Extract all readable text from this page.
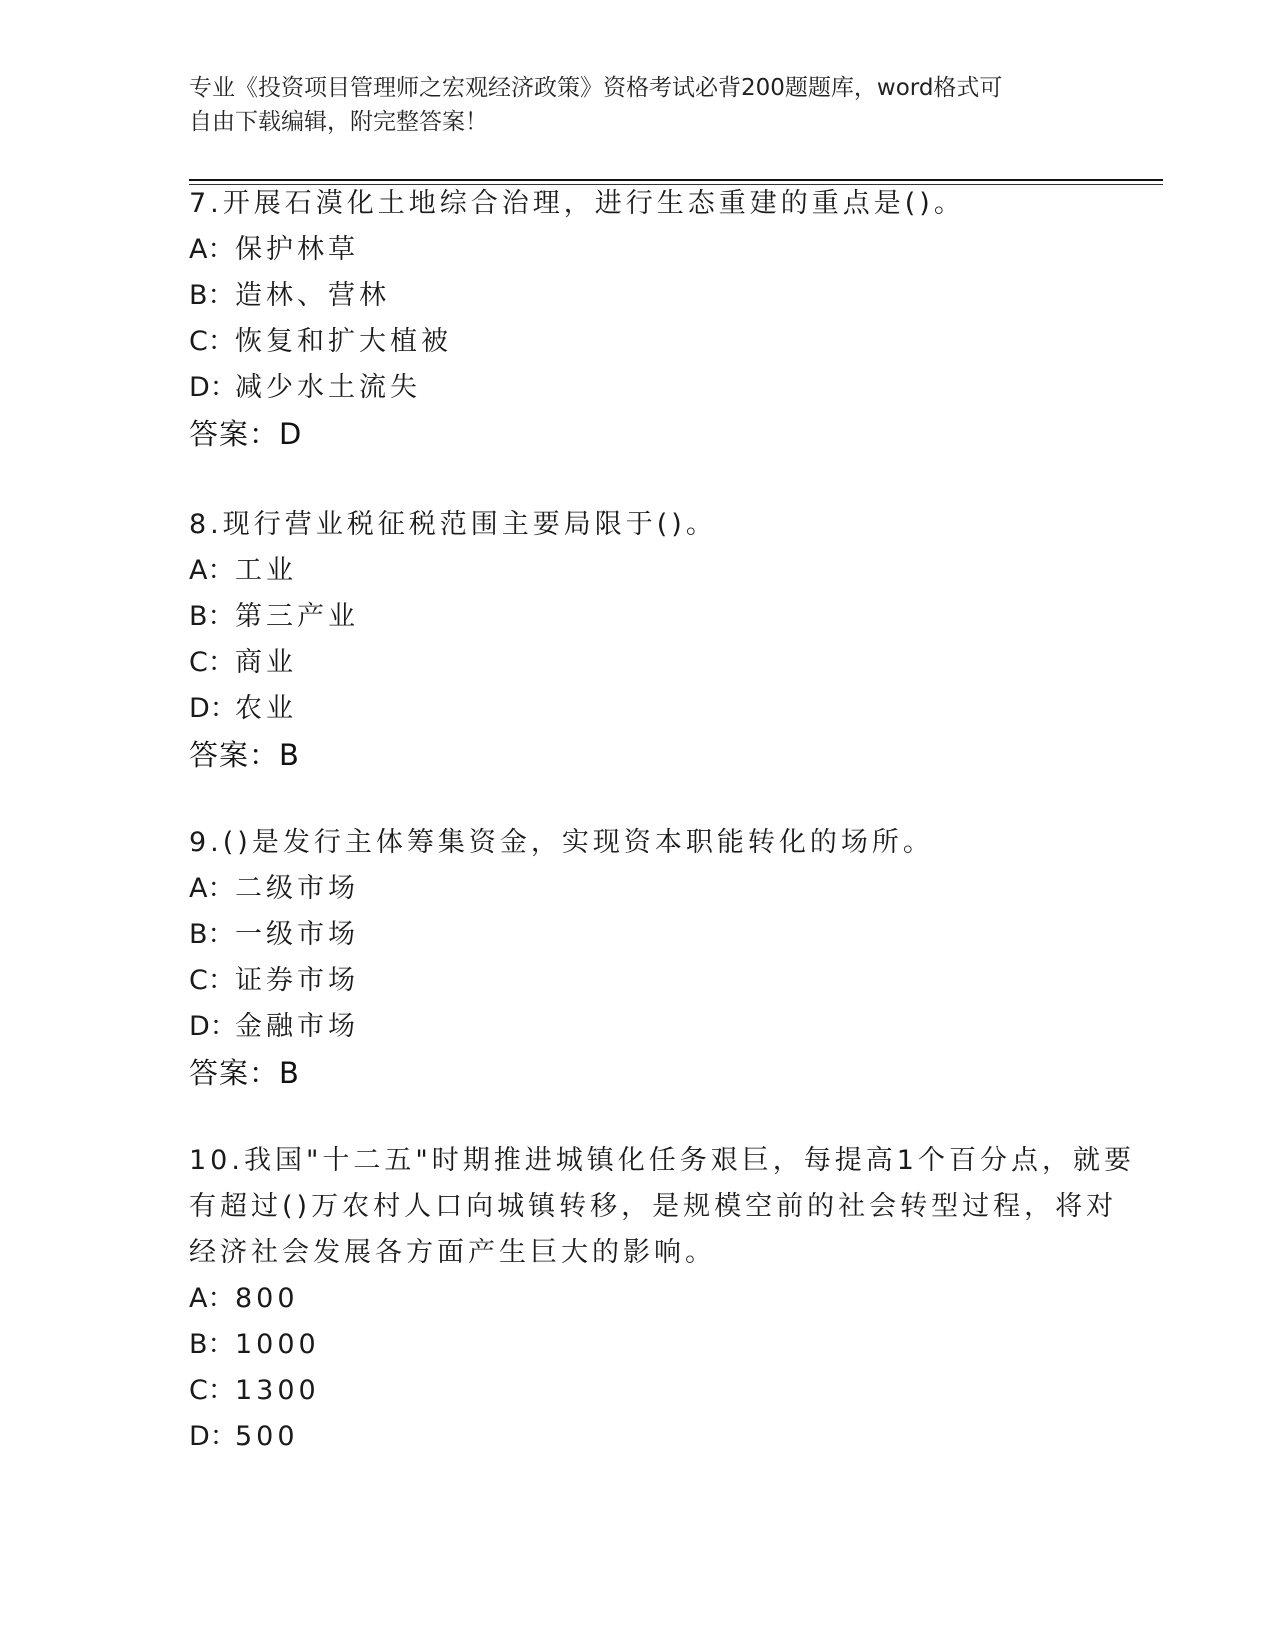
专业《投资项目管理师之宏观经济政策》资格考试必背200题题库，word格式可
自由下载编辑，附完整答案！
7.开展石漠化土地综合治理，进行生态重建的重点是()。
A：保护林草
B：造林、营林
C：恢复和扩大植被
D：减少水土流失
答案：D
8.现行营业税征税范围主要局限于()。
A：工业
B：第三产业
C：商业
D：农业
答案：B
9.()是发行主体筹集资金，实现资本职能转化的场所。
A：二级市场
B：一级市场
C：证券市场
D：金融市场
答案：B
10.我国"十二五"时期推进城镇化任务艰巨，每提高1个百分点，就要
有超过()万农村人口向城镇转移，是规模空前的社会转型过程，将对
经济社会发展各方面产生巨大的影响。
A：800
B：1000
C：1300
D：500
